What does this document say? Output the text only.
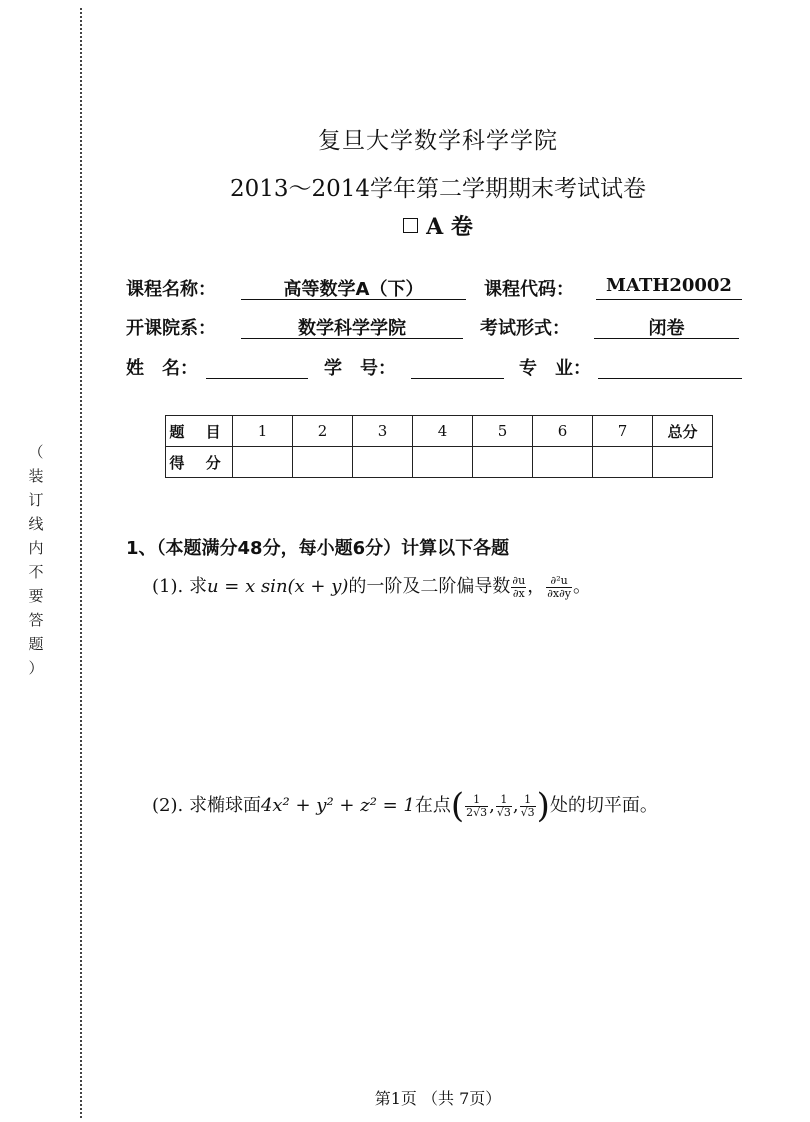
（
装
订
线
内
不
要
答
题
）
复旦大学数学科学学院
2013～2014学年第二学期期末考试试卷
A 卷
课程名称：	高等数学A（下）	课程代码：	MATH20002
开课院系：	数学科学学院	考试形式：	闭卷
姓　名：	学　号：	专　业：
题 目	1	2	3	4	5	6	7	总分
得 分								
1、（本题满分48分，每小题6分）计算以下各题
(1). 求u = x sin(x + y)的一阶及二阶偏导数 $\frac{\partial u}{\partial x}$ ， $\frac{\text{∂²u}}{\partial x\partial y}$ 。
(2). 求椭球面4x² + y² + z² = 1在点( $\frac{1}{2√3}$ , $\frac{1}{√3}$ , $\frac{1}{√3}$ )处的切平面。
第1页 （共 7页）
